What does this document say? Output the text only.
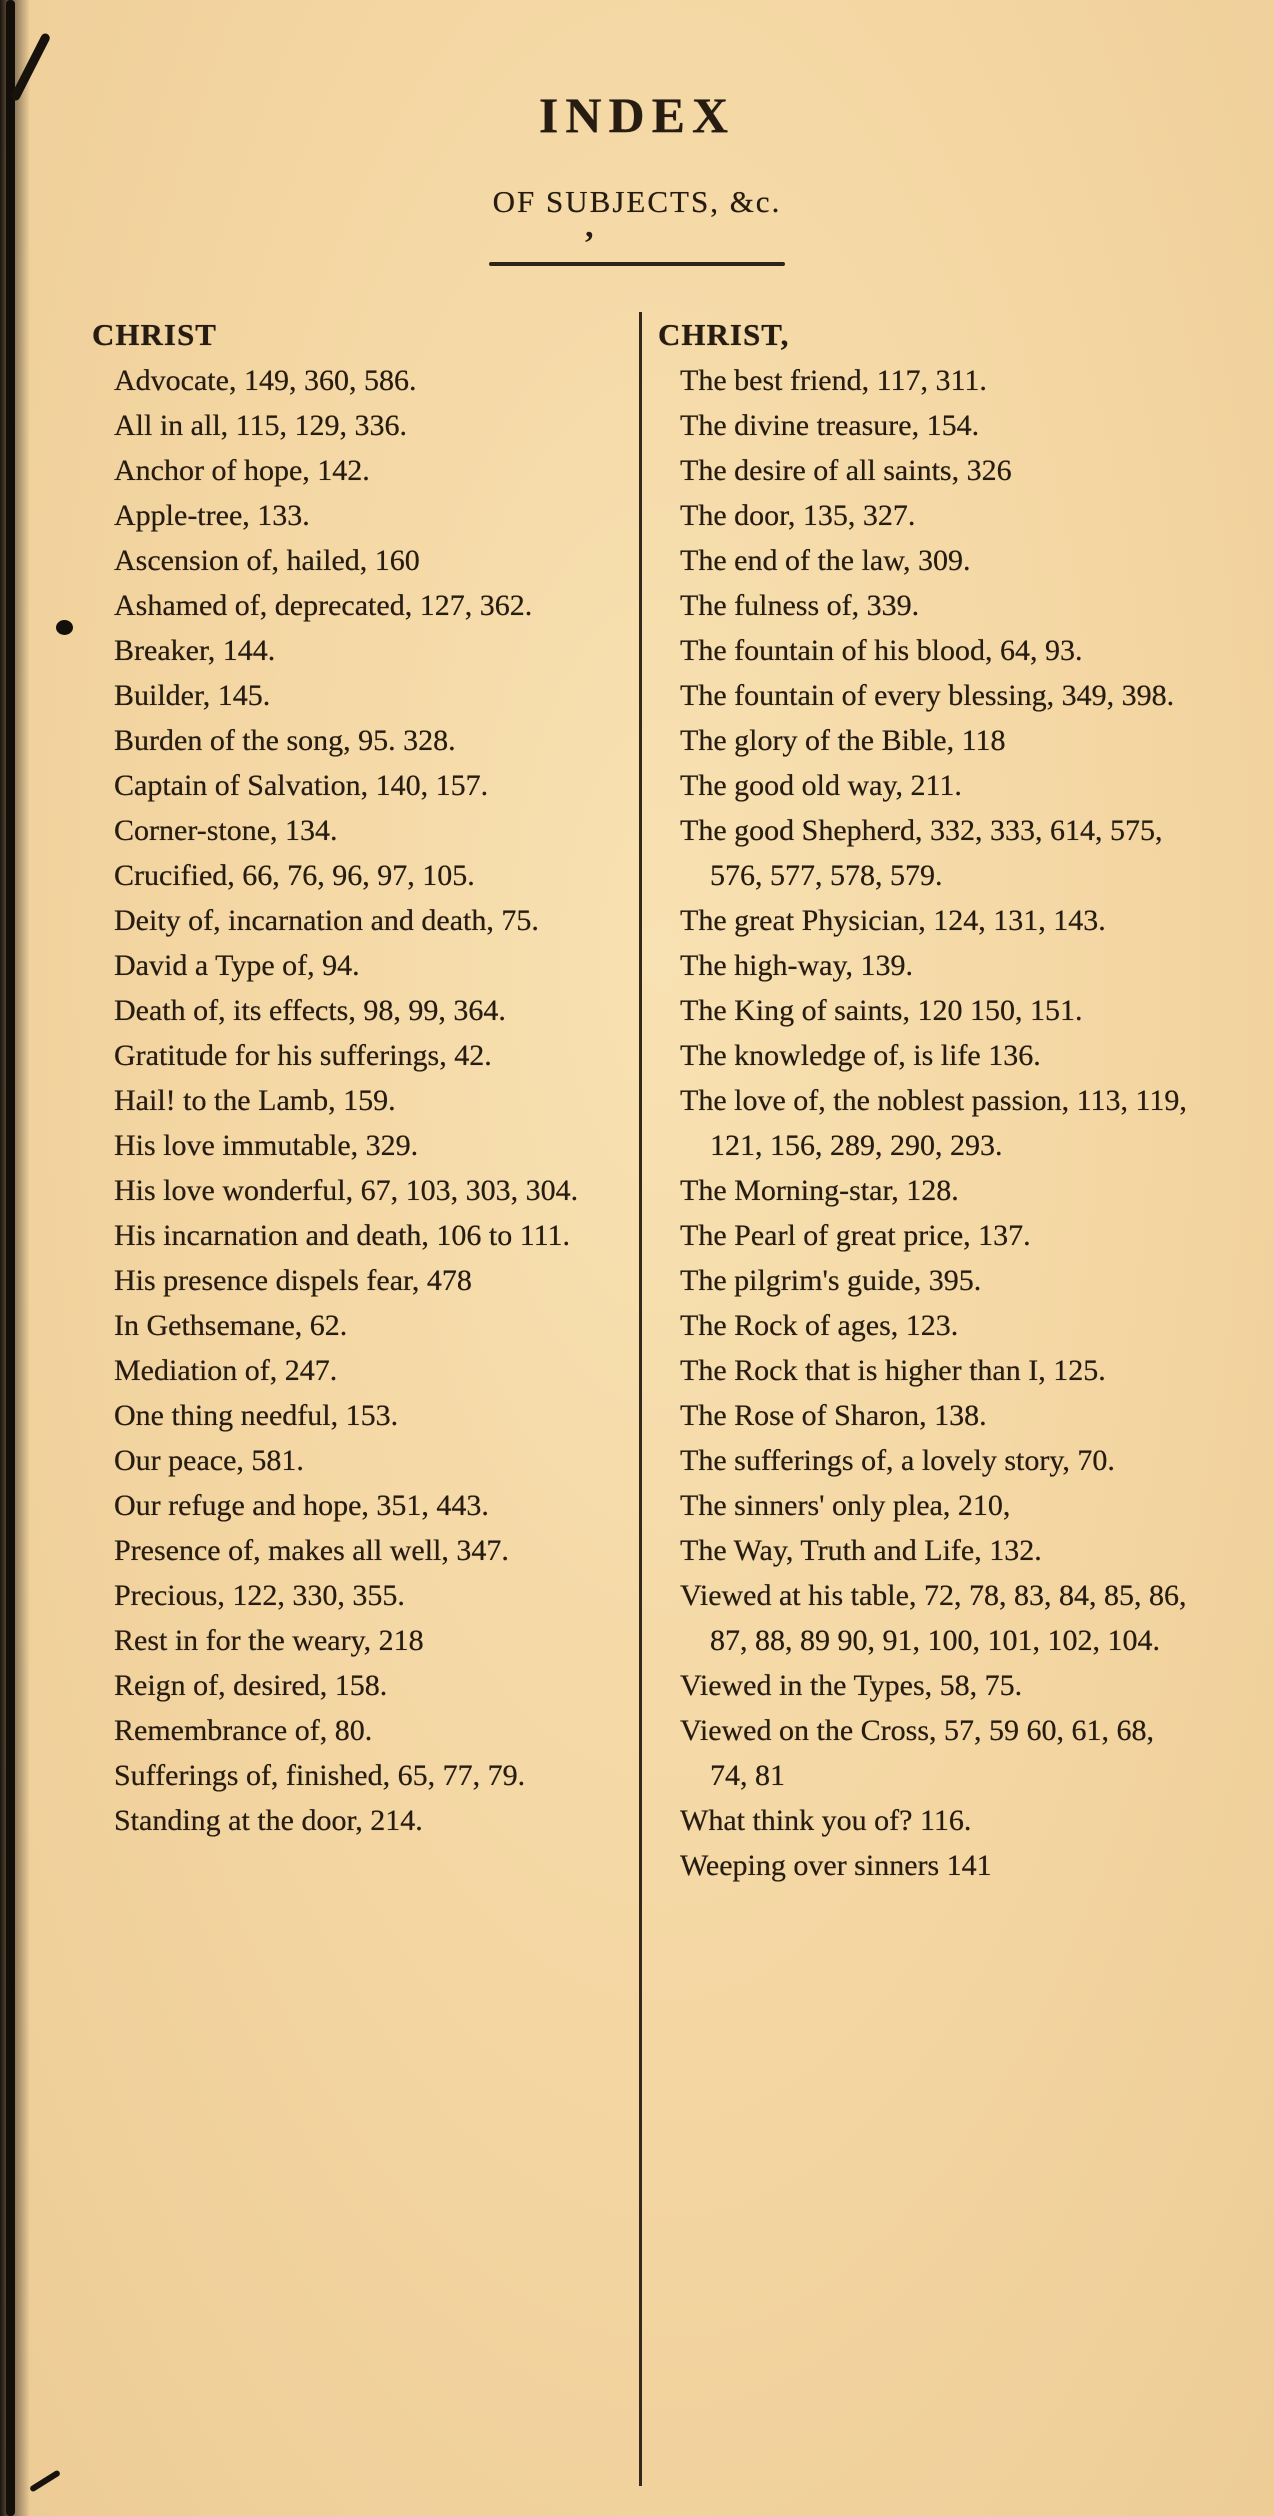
INDEX
OF SUBJECTS, &c.
’
CHRIST
Advocate, 149, 360, 586.
All in all, 115, 129, 336.
Anchor of hope, 142.
Apple-tree, 133.
Ascension of, hailed, 160
Ashamed of, deprecated, 127, 362.
Breaker, 144.
Builder, 145.
Burden of the song, 95. 328.
Captain of Salvation, 140, 157.
Corner-stone, 134.
Crucified, 66, 76, 96, 97, 105.
Deity of, incarnation and death, 75.
David a Type of, 94.
Death of, its effects, 98, 99, 364.
Gratitude for his sufferings, 42.
Hail! to the Lamb, 159.
His love immutable, 329.
His love wonderful, 67, 103, 303, 304.
His incarnation and death, 106 to 111.
His presence dispels fear, 478
In Gethsemane, 62.
Mediation of, 247.
One thing needful, 153.
Our peace, 581.
Our refuge and hope, 351, 443.
Presence of, makes all well, 347.
Precious, 122, 330, 355.
Rest in for the weary, 218
Reign of, desired, 158.
Remembrance of, 80.
Sufferings of, finished, 65, 77, 79.
Standing at the door, 214.
CHRIST,
The best friend, 117, 311.
The divine treasure, 154.
The desire of all saints, 326
The door, 135, 327.
The end of the law, 309.
The fulness of, 339.
The fountain of his blood, 64, 93.
The fountain of every blessing, 349, 398.
The glory of the Bible, 118
The good old way, 211.
The good Shepherd, 332, 333, 614, 575, 576, 577, 578, 579.
The great Physician, 124, 131, 143.
The high-way, 139.
The King of saints, 120 150, 151.
The knowledge of, is life 136.
The love of, the noblest passion, 113, 119, 121, 156, 289, 290, 293.
The Morning-star, 128.
The Pearl of great price, 137.
The pilgrim's guide, 395.
The Rock of ages, 123.
The Rock that is higher than I, 125.
The Rose of Sharon, 138.
The sufferings of, a lovely story, 70.
The sinners' only plea, 210,
The Way, Truth and Life, 132.
Viewed at his table, 72, 78, 83, 84, 85, 86, 87, 88, 89 90, 91, 100, 101, 102, 104.
Viewed in the Types, 58, 75.
Viewed on the Cross, 57, 59 60, 61, 68, 74, 81
What think you of? 116.
Weeping over sinners 141
